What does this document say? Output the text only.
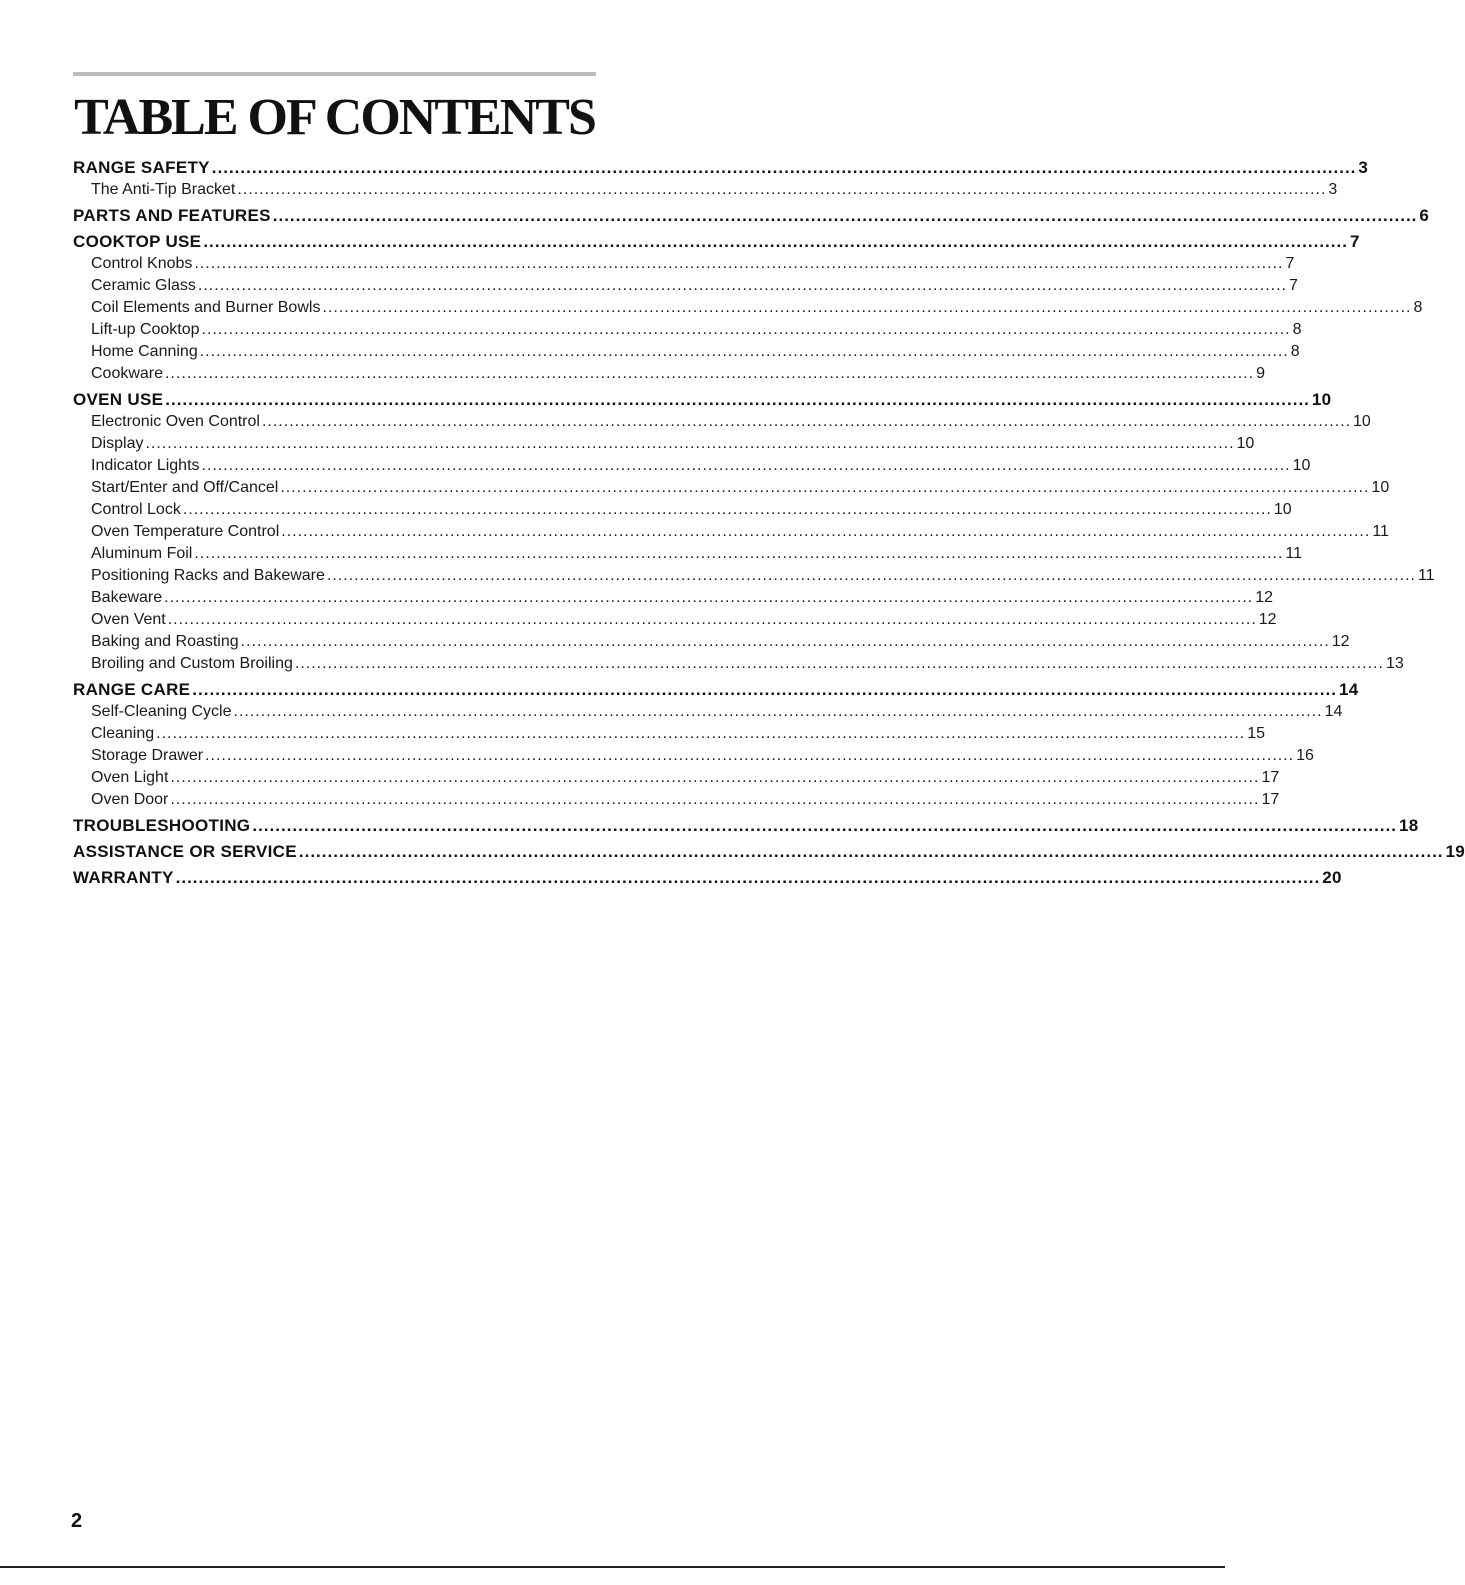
TABLE OF CONTENTS
RANGE SAFETY ........................................................................................................................................................................................................ 3
The Anti-Tip Bracket ........................................................................................................................................................................................................ 3
PARTS AND FEATURES ........................................................................................................................................................................................................ 6
COOKTOP USE ........................................................................................................................................................................................................ 7
Control Knobs ........................................................................................................................................................................................................ 7
Ceramic Glass ........................................................................................................................................................................................................ 7
Coil Elements and Burner Bowls ........................................................................................................................................................................................................ 8
Lift-up Cooktop ........................................................................................................................................................................................................ 8
Home Canning ........................................................................................................................................................................................................ 8
Cookware ........................................................................................................................................................................................................ 9
OVEN USE ........................................................................................................................................................................................................ 10
Electronic Oven Control ........................................................................................................................................................................................................ 10
Display ........................................................................................................................................................................................................ 10
Indicator Lights ........................................................................................................................................................................................................ 10
Start/Enter and Off/Cancel ........................................................................................................................................................................................................ 10
Control Lock ........................................................................................................................................................................................................ 10
Oven Temperature Control ........................................................................................................................................................................................................ 11
Aluminum Foil ........................................................................................................................................................................................................ 11
Positioning Racks and Bakeware ........................................................................................................................................................................................................ 11
Bakeware ........................................................................................................................................................................................................ 12
Oven Vent ........................................................................................................................................................................................................ 12
Baking and Roasting ........................................................................................................................................................................................................ 12
Broiling and Custom Broiling ........................................................................................................................................................................................................ 13
RANGE CARE ........................................................................................................................................................................................................ 14
Self-Cleaning Cycle ........................................................................................................................................................................................................ 14
Cleaning ........................................................................................................................................................................................................ 15
Storage Drawer ........................................................................................................................................................................................................ 16
Oven Light ........................................................................................................................................................................................................ 17
Oven Door ........................................................................................................................................................................................................ 17
TROUBLESHOOTING ........................................................................................................................................................................................................ 18
ASSISTANCE OR SERVICE ........................................................................................................................................................................................................ 19
WARRANTY ........................................................................................................................................................................................................ 20
2
